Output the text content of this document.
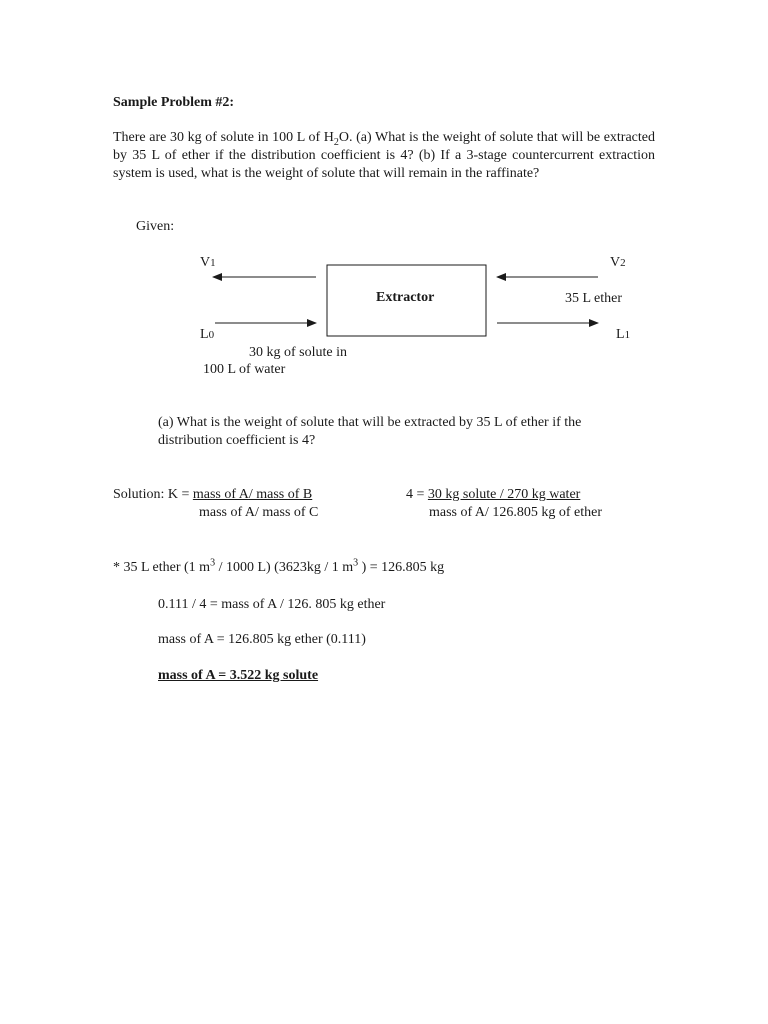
Sample Problem #2:
There are 30 kg of solute in 100 L of $H_2O$. (a) What is the weight of solute that will be extracted by 35 L of ether if the distribution coefficient is 4? (b) If a 3-stage countercurrent extraction system is used, what is the weight of solute that will remain in the raffinate?
Given:
Extractor
V1	V2
L0	L1
35 L ether
30 kg of solute in
100 L of water
(a) What is the weight of solute that will be extracted by 35 L of ether if the distribution coefficient is 4?
Solution: K = mass of A/ mass of B
mass of A/ mass of C
4 = 30 kg solute / 270 kg water
mass of A/ 126.805 kg of ether
* 35 L ether (1 $m^3 / 1000$ L) (3623kg / 1 $m^3$ ) = 126.805 kg
0.111 / 4 = mass of A / 126. 805 kg ether
mass of A = 126.805 kg ether (0.111)
mass of A = 3.522 kg solute
